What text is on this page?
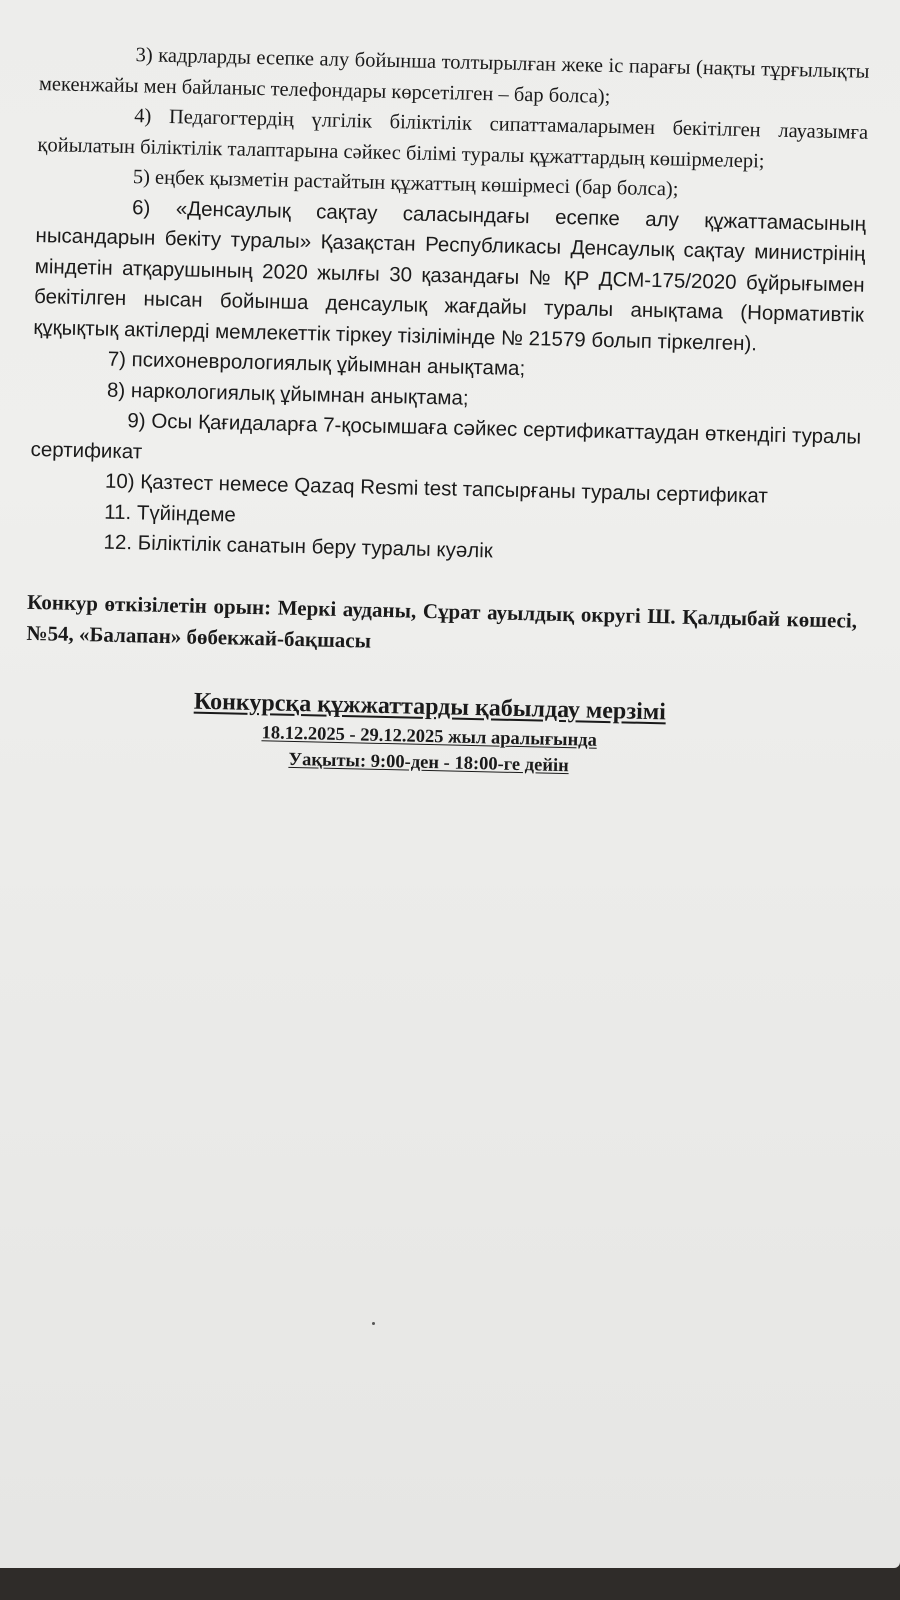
3) кадрларды есепке алу бойынша толтырылған жеке іс парағы (нақты тұрғылықты мекенжайы мен байланыс телефондары көрсетілген – бар болса);

4) Педагогтердің үлгілік біліктілік сипаттамаларымен бекітілген лауазымға қойылатын біліктілік талаптарына сәйкес білімі туралы құжаттардың көшірмелері;

5) еңбек қызметін растайтын құжаттың көшірмесі (бар болса);

6) «Денсаулық сақтау саласындағы есепке алу құжаттамасының нысандарын бекіту туралы» Қазақстан Республикасы Денсаулық сақтау министрінің міндетін атқарушының 2020 жылғы 30 қазандағы № ҚР ДСМ-175/2020 бұйрығымен бекітілген нысан бойынша денсаулық жағдайы туралы анықтама (Нормативтік құқықтық актілерді мемлекеттік тіркеу тізілімінде № 21579 болып тіркелген).

7) психоневрологиялық ұйымнан анықтама;

8) наркологиялық ұйымнан анықтама;

9) Осы Қағидаларға 7-қосымшаға сәйкес сертификаттаудан өткендігі туралы сертификат

10) Қазтест немесе Qazaq Resmi test тапсырғаны туралы сертификат

11. Түйіндеме

12. Біліктілік санатын беру туралы куәлік

Конкур өткізілетін орын: Меркі ауданы, Сұрат ауылдық округі Ш. Қалдыбай көшесі, №54, «Балапан» бөбекжай-бақшасы

Конкурсқа құжжаттарды қабылдау мерзімі
18.12.2025 - 29.12.2025 жыл аралығында
Уақыты: 9:00-ден - 18:00-ге дейін
